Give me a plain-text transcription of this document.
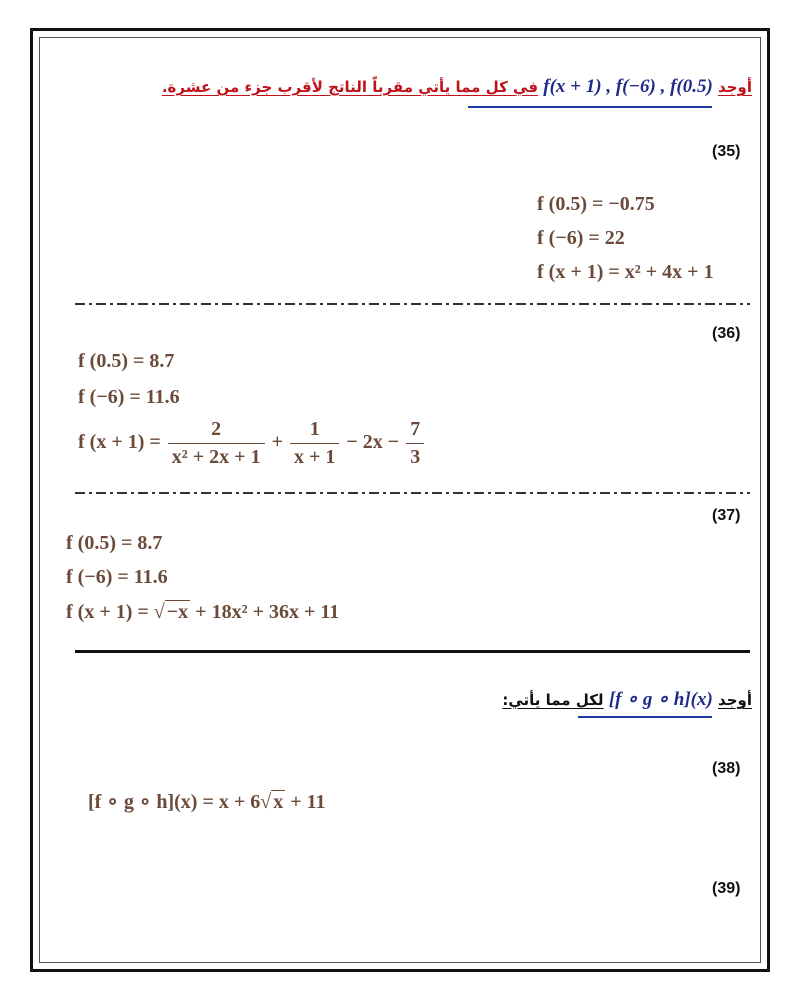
أوجد f(x + 1) , f(−6) , f(0.5) في كل مما يأتي مقرباً الناتج لأقرب جزء من عشرة.
(35)
f (0.5) = −0.75
f (−6) = 22
f (x + 1) = x² + 4x + 1
(36)
f (0.5) = 8.7
f (−6) = 11.6
f $(x + 1) = \frac{2}{\text{x² + 2x + 1}} + \frac{1}{x + 1} - 2x - \frac{7}{3}$
(37)
f (0.5) = 8.7
f (−6) = 11.6
f (x + 1) = √ −x + 18x² + 36x + 11
أوجد [f ∘ g ∘ h](x) لكل مما يأتي:
(38)
[f ∘ g ∘ h](x) = x + 6√ x + 11
(39)
